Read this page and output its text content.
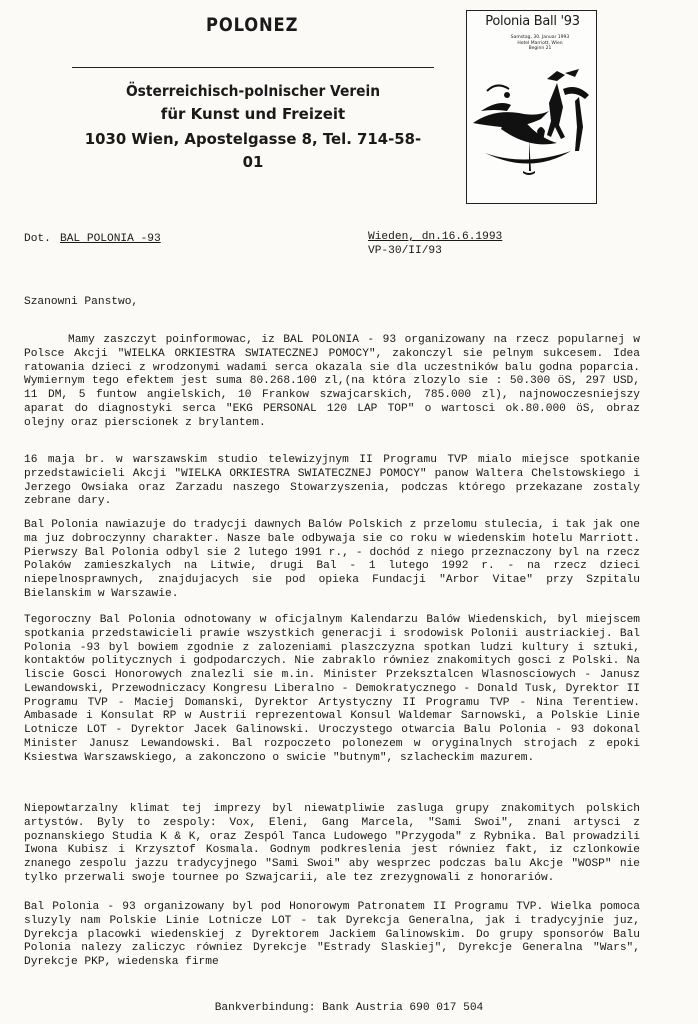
POLONEZ
Österreichisch-polnischer Verein
für Kunst und Freizeit
1030 Wien, Apostelgasse 8, Tel. 714-58-01
Polonia Ball '93
Samstag, 30. Januar 1993
Hotel Marriott, Wien
Beginn 21
Dot. BAL POLONIA -93	Wieden, dn.16.6.1993
VP-30/II/93
Szanowni Panstwo,
Mamy zaszczyt poinformowac, iz BAL POLONIA - 93 organizowany na rzecz popularnej w Polsce Akcji "WIELKA ORKIESTRA SWIATECZNEJ POMOCY", zakonczyl sie pelnym sukcesem. Idea ratowania dzieci z wrodzonymi wadami serca okazala sie dla uczestników balu godna poparcia. Wymiernym tego efektem jest suma 80.268.100 zl,(na która zlozylo sie : 50.300 öS, 297 USD, 11 DM, 5 funtow angielskich, 10 Frankow szwajcarskich, 785.000 zl), najnowoczesniejszy aparat do diagnostyki serca "EKG PERSONAL 120 LAP TOP" o wartosci ok.80.000 öS, obraz olejny oraz pierscionek z brylantem.
16 maja br. w warszawskim studio telewizyjnym II Programu TVP mialo miejsce spotkanie przedstawicieli Akcji "WIELKA ORKIESTRA SWIATECZNEJ POMOCY" panow Waltera Chelstowskiego i Jerzego Owsiaka oraz Zarzadu naszego Stowarzyszenia, podczas którego przekazane zostaly zebrane dary.
Bal Polonia nawiazuje do tradycji dawnych Balów Polskich z przelomu stulecia, i tak jak one ma juz dobroczynny charakter. Nasze bale odbywaja sie co roku w wiedenskim hotelu Marriott. Pierwszy Bal Polonia odbyl sie 2 lutego 1991 r., - dochód z niego przeznaczony byl na rzecz Polaków zamieszkalych na Litwie, drugi Bal - 1 lutego 1992 r. - na rzecz dzieci niepelnosprawnych, znajdujacych sie pod opieka Fundacji "Arbor Vitae" przy Szpitalu Bielanskim w Warszawie.
Tegoroczny Bal Polonia odnotowany w oficjalnym Kalendarzu Balów Wiedenskich, byl miejscem spotkania przedstawicieli prawie wszystkich generacji i srodowisk Polonii austriackiej. Bal Polonia -93 byl bowiem zgodnie z zalozeniami plaszczyzna spotkan ludzi kultury i sztuki, kontaktów politycznych i godpodarczych. Nie zabraklo równiez znakomitych gosci z Polski. Na liscie Gosci Honorowych znalezli sie m.in. Minister Przeksztalcen Wlasnosciowych - Janusz Lewandowski, Przewodniczacy Kongresu Liberalno - Demokratycznego - Donald Tusk, Dyrektor II Programu TVP - Maciej Domanski, Dyrektor Artystyczny II Programu TVP - Nina Terentiew. Ambasade i Konsulat RP w Austrii reprezentowal Konsul Waldemar Sarnowski, a Polskie Linie Lotnicze LOT - Dyrektor Jacek Galinowski. Uroczystego otwarcia Balu Polonia - 93 dokonal Minister Janusz Lewandowski. Bal rozpoczeto polonezem w oryginalnych strojach z epoki Ksiestwa Warszawskiego, a zakonczono o swicie "butnym", szlacheckim mazurem.
Niepowtarzalny klimat tej imprezy byl niewatpliwie zasluga grupy znakomitych polskich artystów. Byly to zespoly: Vox, Eleni, Gang Marcela, "Sami Swoi", znani artysci z poznanskiego Studia K & K, oraz Zespól Tanca Ludowego "Przygoda" z Rybnika. Bal prowadzili Iwona Kubisz i Krzysztof Kosmala. Godnym podkreslenia jest równiez fakt, iz czlonkowie znanego zespolu jazzu tradycyjnego "Sami Swoi" aby wesprzec podczas balu Akcje "WOSP" nie tylko przerwali swoje tournee po Szwajcarii, ale tez zrezygnowali z honorariów.
Bal Polonia - 93 organizowany byl pod Honorowym Patronatem II Programu TVP. Wielka pomoca sluzyly nam Polskie Linie Lotnicze LOT - tak Dyrekcja Generalna, jak i tradycyjnie juz, Dyrekcja placowki wiedenskiej z Dyrektorem Jackiem Galinowskim. Do grupy sponsorów Balu Polonia nalezy zaliczyc równiez Dyrekcje "Estrady Slaskiej", Dyrekcje Generalna "Wars", Dyrekcje PKP, wiedenska firme
Bankverbindung: Bank Austria 690 017 504
